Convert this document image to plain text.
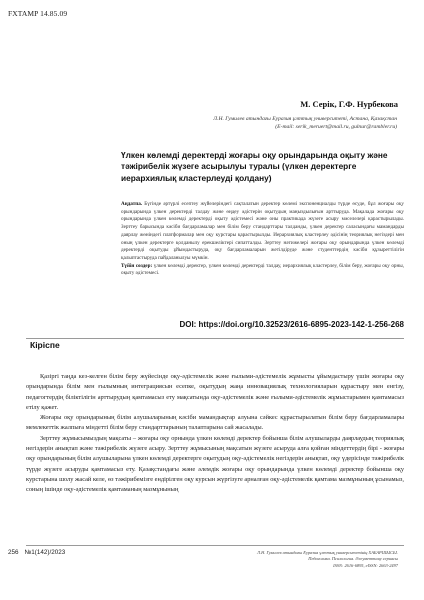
FXTAMP 14.85.09
М. Серік, Г.Ф. Нурбекова
Л.Н. Гумилев атындағы Еуразия ұлттық университеті, Астана, Қазақстан
(E-mail: serik_meruert@mail.ru, gulnur@rambler.ru)
Үлкен көлемді деректерді жоғары оқу орындарында оқыту және тәжірибелік жүзеге асырылуы туралы (үлкен деректерге иерархиялық кластерлеуді қолдану)

Аңдатпа. Бүгінде әртүрлі есептеу жүйелеріндегі сақталатын деректер көлемі экспоненциалды түрде өсуде, бұл жоғары оқу орындарында үлкен деректерді талдау және өңдеу әдістерін оқытудың маңыздылығын арттыруда. Мақалада жоғары оқу орындарында үлкен көлемді деректерді оқыту әдістемесі және оны практикада жүзеге асыру мәселелері қарастырылады. Зерттеу барысында кәсіби бағдарламалар мен білім беру стандарттары талданды, үлкен деректер саласындағы мамандарды даярлау жөніндегі платформалар мен оқу курстары қарастырылды. Иерархиялық кластерлеу әдісінің теориялық негіздері мен оның үлкен деректерге қолданылу ерекшеліктері сипатталды. Зерттеу нәтижелері жоғары оқу орындарында үлкен көлемді деректерді оқытуды ұйымдастыруда, оқу бағдарламаларын жетілдіруде және студенттердің кәсіби құзыреттілігін қалыптастыруда пайдаланылуы мүмкін.

Түйін сөздер: үлкен көлемді деректер, үлкен көлемді деректерді талдау, иерархиялық кластерлеу, білім беру, жоғары оқу орны, оқыту әдістемесі.

DOI: https://doi.org/10.32523/2616-6895-2023-142-1-256-268
Кіріспе

Қазіргі таңда кез-келген білім беру жүйесінде оқу-әдістемелік және ғылыми-әдістемелік жұмысты ұйымдастыру үшін жоғары оқу орындарында білім мен ғылымның интеграциясын есепке, оқытудың жаңа инновациялық технологияларын құрастыру мен енгізу, педагогтердің біліктілігін арттырудың қамтамасыз ету мақсатында оқу-әдістемелік және ғылыми-әдістемелік жұмыстарымен қамтамасыз етілу қажет.

Жоғары оқу орындарының білім алушыларының кәсіби мамандықтар алуына сәйкес құрастырылатын білім беру бағдарламалары мемлекеттік жалпыға міндетті білім беру стандарттарының талаптарына сай жасалады.

Зерттеу жұмысымыздың мақсаты – жоғары оқу орнында үлкен көлемді деректер бойынша білім алушыларды даярлаудың теориялық негіздерін анықтап және тәжірибелік жүзеге асыру. Зерттеу жұмысының мақсатын жүзеге асыруда алға қойған міндеттердің бірі - жоғары оқу орындарының білім алушыларына үлкен көлемді деректерге оқытудың оқу-әдістемелік негіздерін анықтап, оқу үдерісінде тәжірибелік түрде жүзеге асыруды қамтамасыз ету. Қазақстандағы және әлемдік жоғары оқу орындарында үлкен көлемді деректер бойынша оқу курстарына шолу жасай келе, өз тәжірибемізге ендірілген оқу курсын жүргізуге арналған оқу-әдістемелік қамтама мазмұнының ұсынамыз, соның ішінде оқу-әдістемелік қамтаманың мазмұнының

256 №1(142)/2023	Л.Н. Гумилев атындағы Еуразия ұлттық университетінің ХАБАРШЫСЫ.
Педагогика. Психология. Әлеуметтану сериясы
ISSN: 2616-6895, eISSN: 2663-2497
